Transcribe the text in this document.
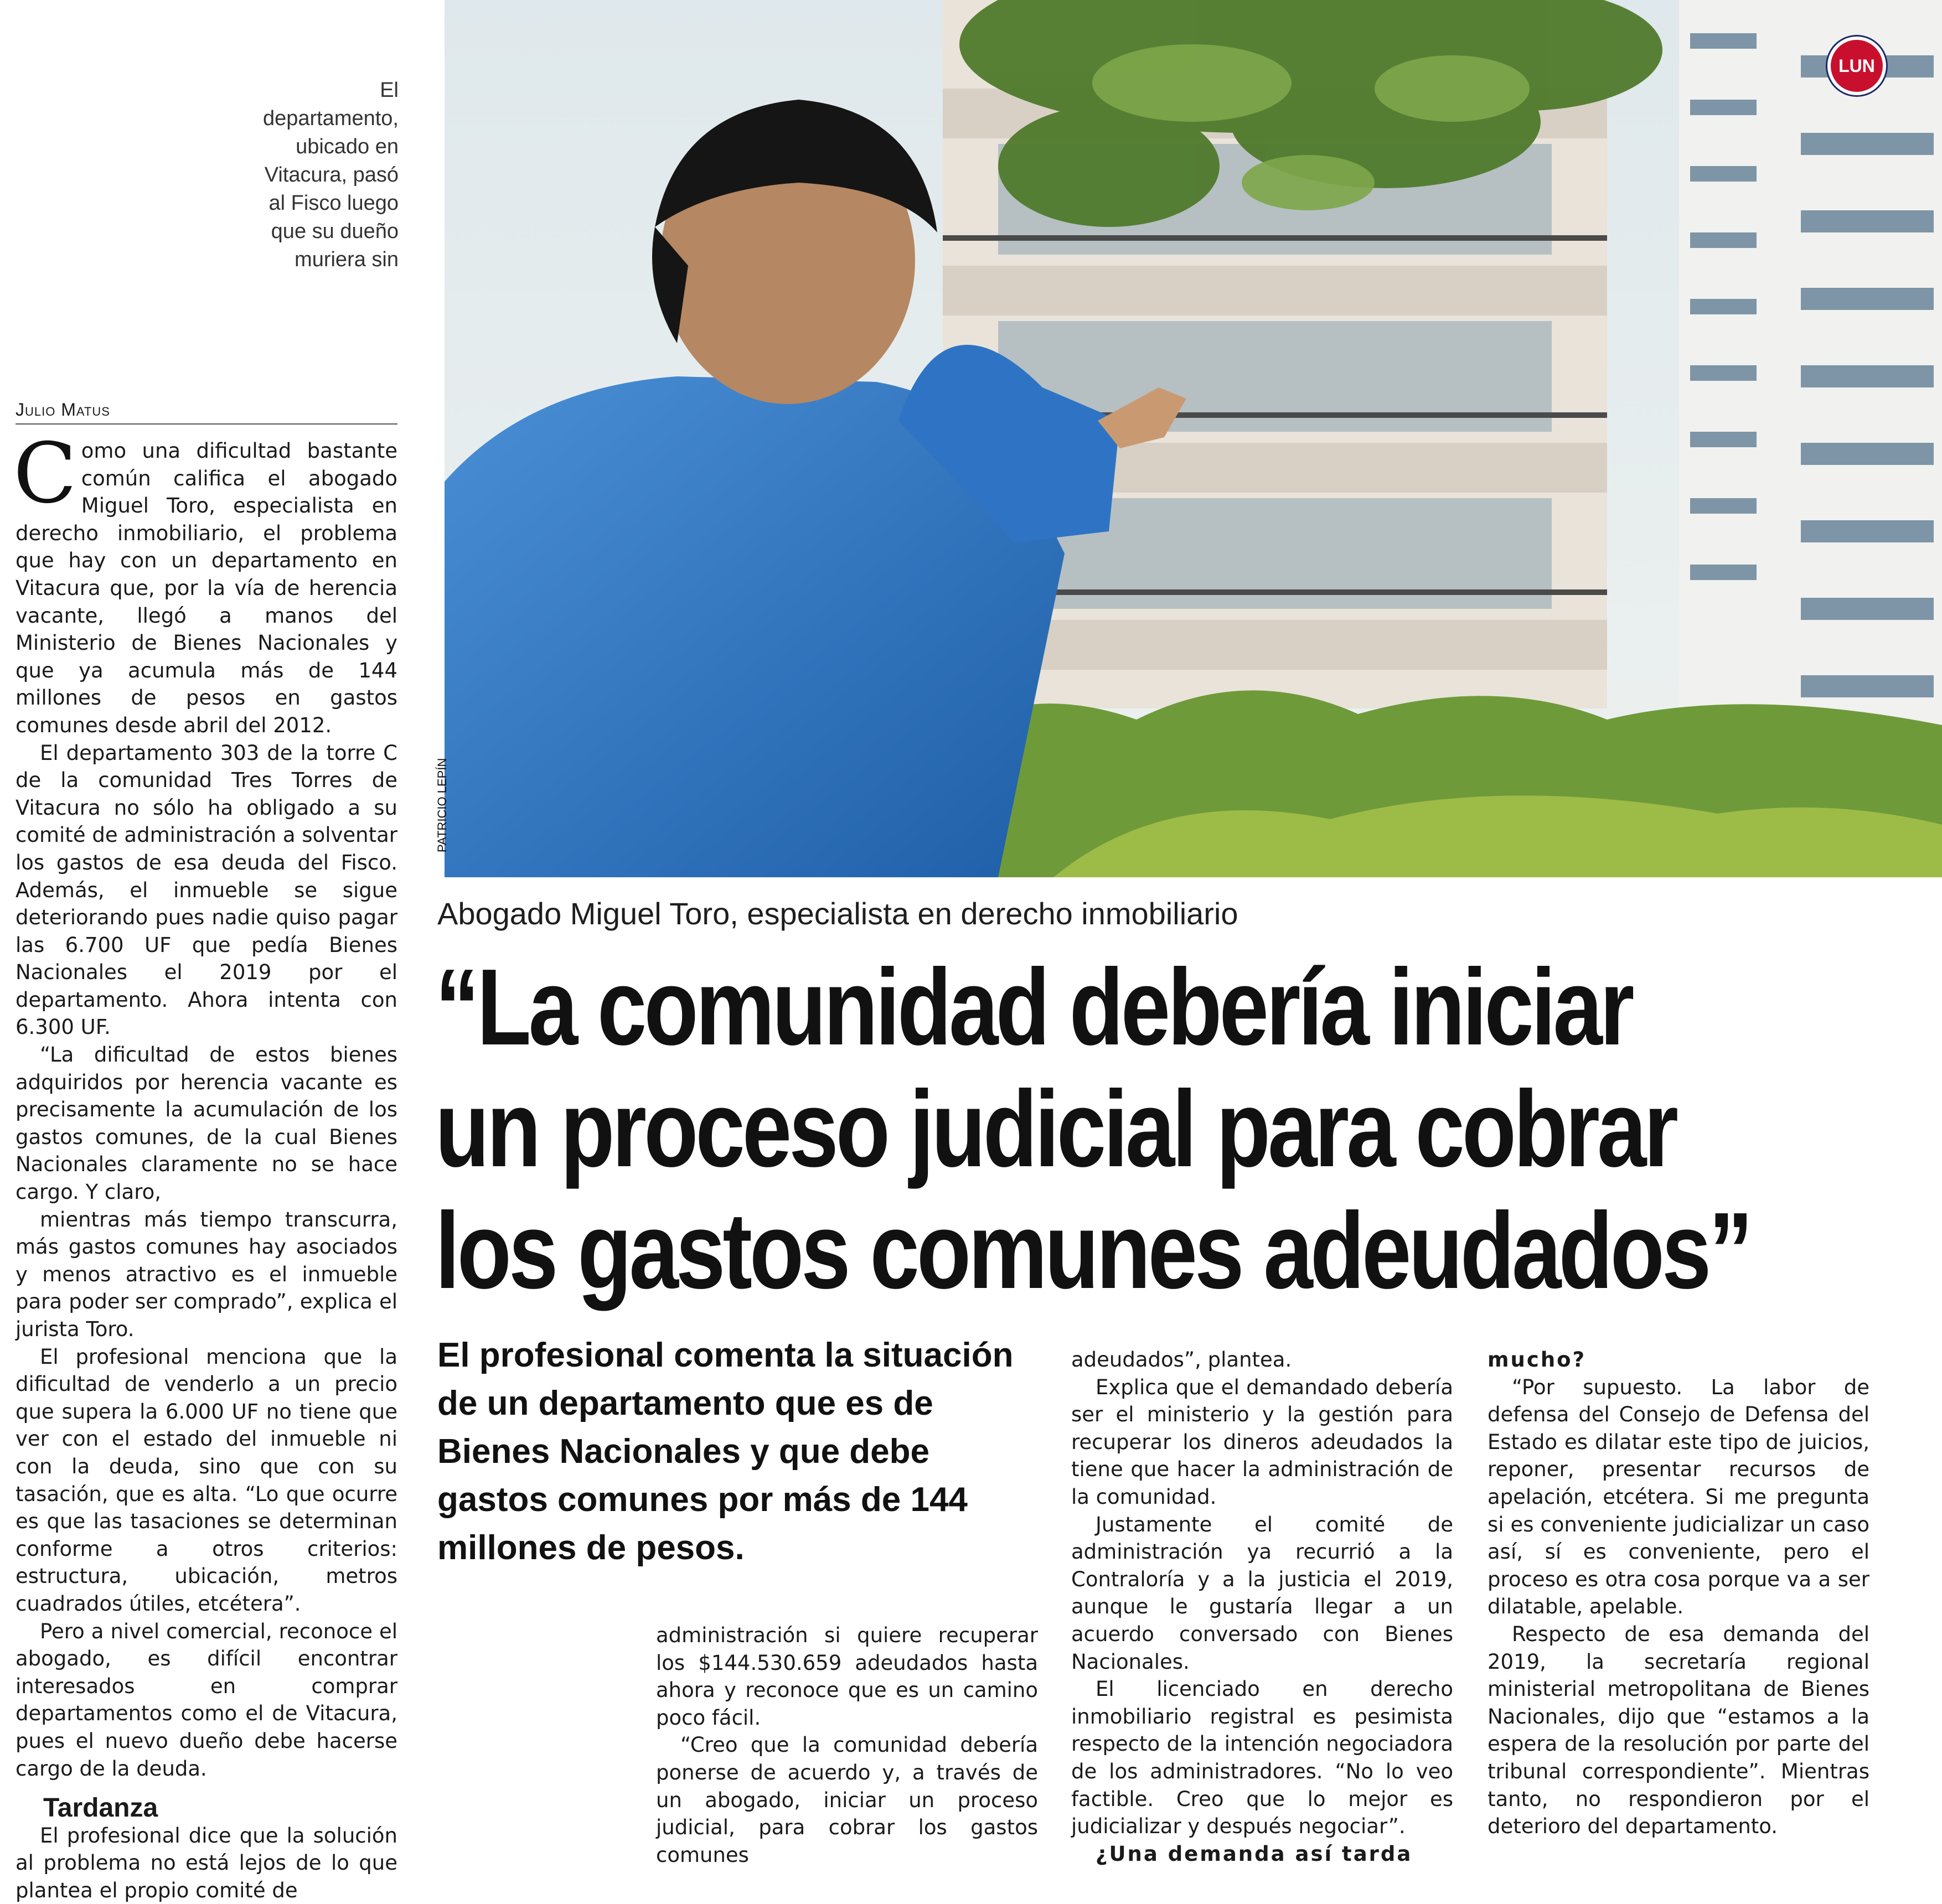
El
departamento,
ubicado en
Vitacura, pasó
al Fisco luego
que su dueño
muriera sin
Julio Matus
LUN
PATRICIO LEPÍN
Abogado Miguel Toro, especialista en derecho inmobiliario
“La comunidad debería iniciar
un proceso judicial para cobrar
los gastos comunes adeudados”
El profesional comenta la situación
de un departamento que es de
Bienes Nacionales y que debe
gastos comunes por más de 144
millones de pesos.

Como una dificultad bastante común califica el abogado Miguel Toro, especialista en derecho inmobiliario, el problema que hay con un departamento en Vitacura que, por la vía de herencia vacante, llegó a manos del Ministerio de Bienes Nacionales y que ya acumula más de 144 millones de pesos en gastos comunes desde abril del 2012.

El departamento 303 de la torre C de la comunidad Tres Torres de Vitacura no sólo ha obligado a su comité de administración a solventar los gastos de esa deuda del Fisco. Además, el inmueble se sigue deteriorando pues nadie quiso pagar las 6.700 UF que pedía Bienes Nacionales el 2019 por el departamento. Ahora intenta con 6.300 UF.

“La dificultad de estos bienes adquiridos por herencia vacante es precisamente la acumulación de los gastos comunes, de la cual Bienes Nacionales claramente no se hace cargo. Y claro,

mientras más tiempo transcurra, más gastos comunes hay asociados y menos atractivo es el inmueble para poder ser comprado”, explica el jurista Toro.

El profesional menciona que la dificultad de venderlo a un precio que supera la 6.000 UF no tiene que ver con el estado del inmueble ni con la deuda, sino que con su tasación, que es alta. “Lo que ocurre es que las tasaciones se determinan conforme a otros criterios: estructura, ubicación, metros cuadrados útiles, etcétera”.

Pero a nivel comercial, reconoce el abogado, es difícil encontrar interesados en comprar departamentos como el de Vitacura, pues el nuevo dueño debe hacerse cargo de la deuda.

Tardanza

El profesional dice que la solución al problema no está lejos de lo que plantea el propio comité de

administración si quiere recuperar los $144.530.659 adeudados hasta ahora y reconoce que es un camino poco fácil.

“Creo que la comunidad debería ponerse de acuerdo y, a través de un abogado, iniciar un proceso judicial, para cobrar los gastos comunes

adeudados”, plantea.

Explica que el demandado debería ser el ministerio y la gestión para recuperar los dineros adeudados la tiene que hacer la administración de la comunidad.

Justamente el comité de administración ya recurrió a la Contraloría y a la justicia el 2019, aunque le gustaría llegar a un acuerdo conversado con Bienes Nacionales.

El licenciado en derecho inmobiliario registral es pesimista respecto de la intención negociadora de los administradores. “No lo veo factible. Creo que lo mejor es judicializar y después negociar”.

¿Una demanda así tarda

mucho?

“Por supuesto. La labor de defensa del Consejo de Defensa del Estado es dilatar este tipo de juicios, reponer, presentar recursos de apelación, etcétera. Si me pregunta si es conveniente judicializar un caso así, sí es conveniente, pero el proceso es otra cosa porque va a ser dilatable, apelable.

Respecto de esa demanda del 2019, la secretaría regional ministerial metropolitana de Bienes Nacionales, dijo que “estamos a la espera de la resolución por parte del tribunal correspondiente”. Mientras tanto, no respondieron por el deterioro del departamento.
